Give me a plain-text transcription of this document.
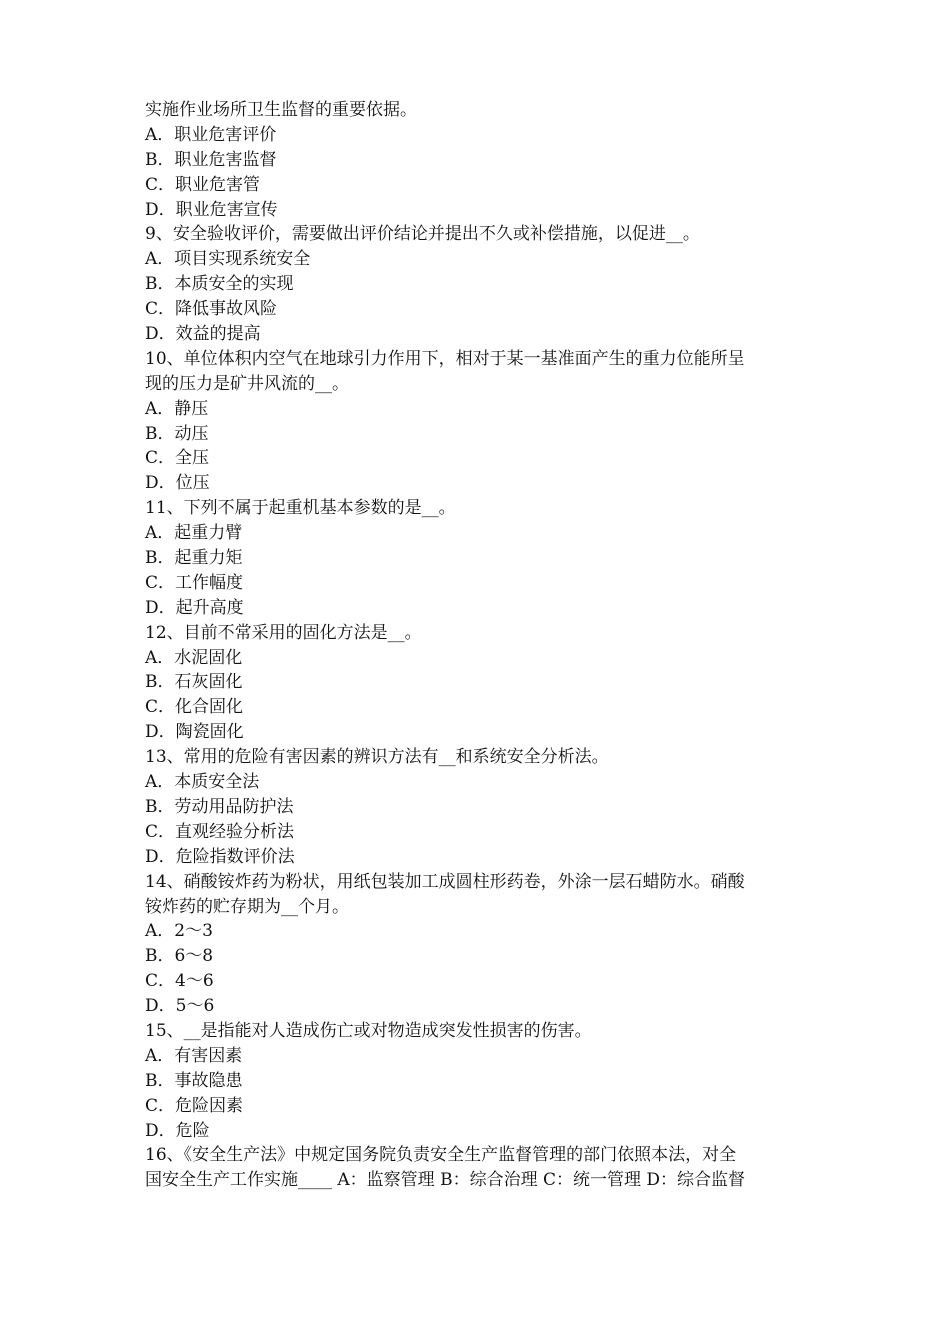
实施作业场所卫生监督的重要依据。
A．职业危害评价
B．职业危害监督
C．职业危害管
D．职业危害宣传
9、安全验收评价，需要做出评价结论并提出不久或补偿措施，以促进__。
A．项目实现系统安全
B．本质安全的实现
C．降低事故风险
D．效益的提高
10、单位体积内空气在地球引力作用下，相对于某一基准面产生的重力位能所呈
现的压力是矿井风流的__。
A．静压
B．动压
C．全压
D．位压
11、下列不属于起重机基本参数的是__。
A．起重力臂
B．起重力矩
C．工作幅度
D．起升高度
12、目前不常采用的固化方法是__。
A．水泥固化
B．石灰固化
C．化合固化
D．陶瓷固化
13、常用的危险有害因素的辨识方法有__和系统安全分析法。
A．本质安全法
B．劳动用品防护法
C．直观经验分析法
D．危险指数评价法
14、硝酸铵炸药为粉状，用纸包装加工成圆柱形药卷，外涂一层石蜡防水。硝酸
铵炸药的贮存期为__个月。
A．2～3
B．6～8
C．4～6
D．5～6
15、__是指能对人造成伤亡或对物造成突发性损害的伤害。
A．有害因素
B．事故隐患
C．危险因素
D．危险
16、《安全生产法》中规定国务院负责安全生产监督管理的部门依照本法，对全
国安全生产工作实施____ A：监察管理 B：综合治理 C：统一管理 D：综合监督
